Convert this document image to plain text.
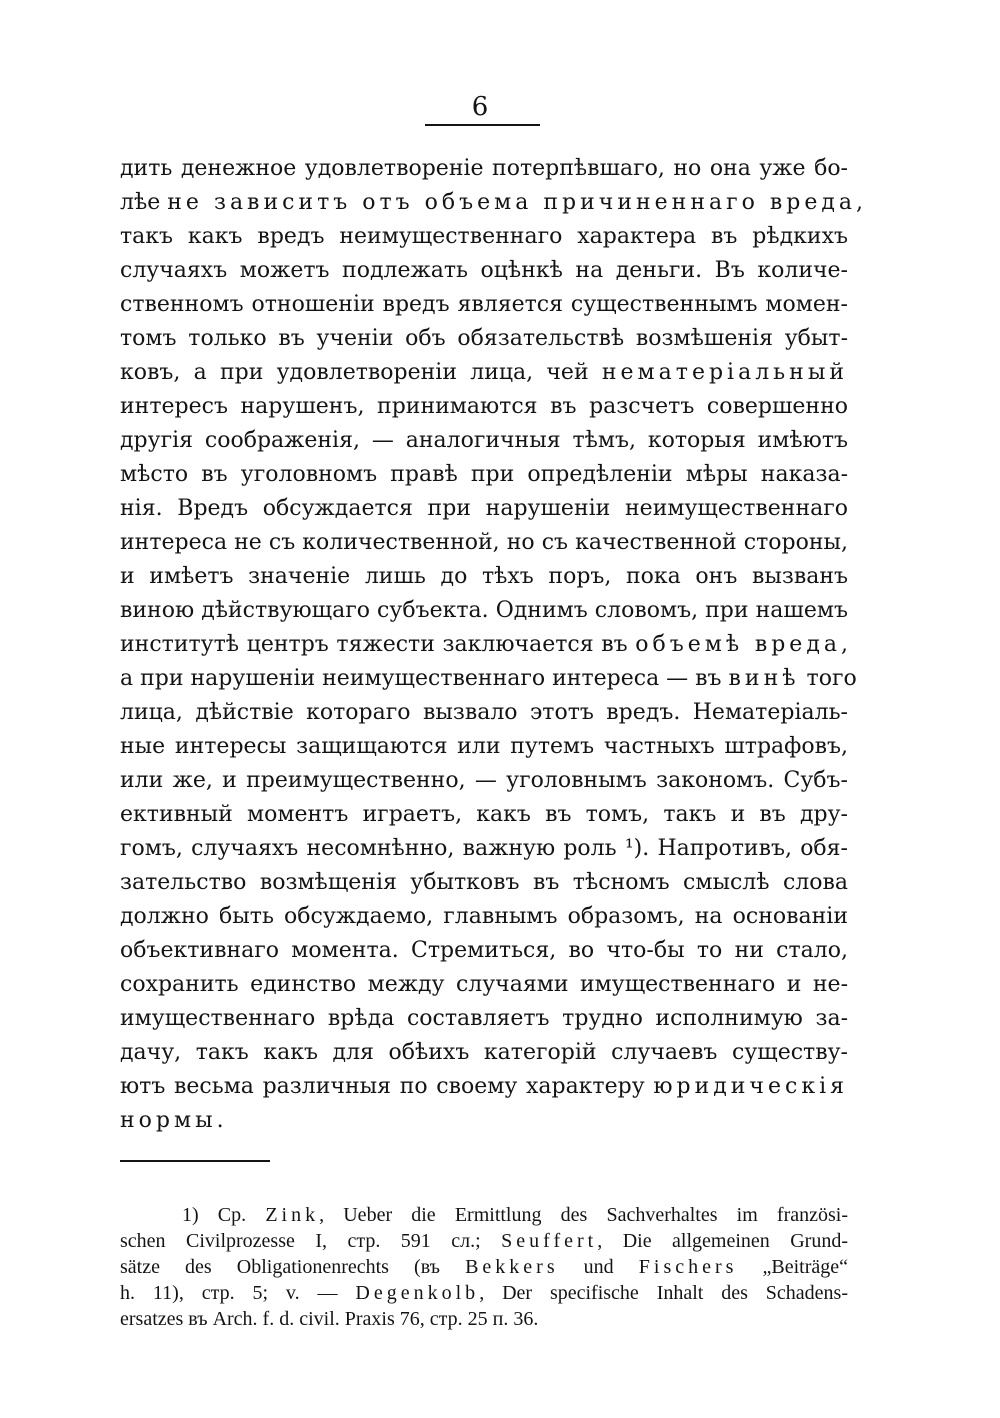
6
дить денежное удовлетворенiе потерпѣвшаго, но она уже бо-
лѣе не зависитъ отъ объема причиненнаго вреда,
такъ какъ вредъ неимущественнаго характера въ рѣдкихъ
случаяхъ можетъ подлежать оцѣнкѣ на деньги. Въ количе-
ственномъ отношенiи вредъ является существеннымъ момен-
томъ только въ ученiи объ обязательствѣ возмѣшенiя убыт-
ковъ, а при удовлетворенiи лица, чей нематерiальный
интересъ нарушенъ, принимаются въ разсчетъ совершенно
другiя соображенiя, — аналогичныя тѣмъ, которыя имѣютъ
мѣсто въ уголовномъ правѣ при опредѣленiи мѣры наказа-
нiя. Вредъ обсуждается при нарушенiи неимущественнаго
интереса не съ количественной, но съ качественной стороны,
и имѣетъ значенiе лишь до тѣхъ поръ, пока онъ вызванъ
виною дѣйствующаго субъекта. Однимъ словомъ, при нашемъ
институтѣ центръ тяжести заключается въ объемѣ вреда,
а при нарушенiи неимущественнаго интереса — въ винѣ того
лица, дѣйствiе котораго вызвало этотъ вредъ. Нематерiаль-
ные интересы защищаются или путемъ частныхъ штрафовъ,
или же, и преимущественно, — уголовнымъ закономъ. Субъ-
ективный моментъ играетъ, какъ въ томъ, такъ и въ дру-
гомъ, случаяхъ несомнѣнно, важную роль ¹). Напротивъ, обя-
зательство возмѣщенiя убытковъ въ тѣсномъ смыслѣ слова
должно быть обсуждаемо, главнымъ образомъ, на основанiи
объективнаго момента. Стремиться, во что-бы то ни стало,
сохранить единство между случаями имущественнаго и не-
имущественнаго врѣда составляетъ трудно исполнимую за-
дачу, такъ какъ для обѣихъ категорiй случаевъ существу-
ютъ весьма различныя по своему характеру юридическiя
нормы.
1) Cp. Zink, Ueber die Ermittlung des Sachverhaltes im französi-
schen Civilprozesse I, стр. 591 сл.; Seuffert, Die allgemeinen Grund-
sätze des Obligationenrechts (въ Bekkers und Fischers „Beiträge“
h. 11), стр. 5; v. — Degenkolb, Der specifische Inhalt des Schadens-
ersatzes въ Arch. f. d. civil. Praxis 76, стр. 25 п. 36.
